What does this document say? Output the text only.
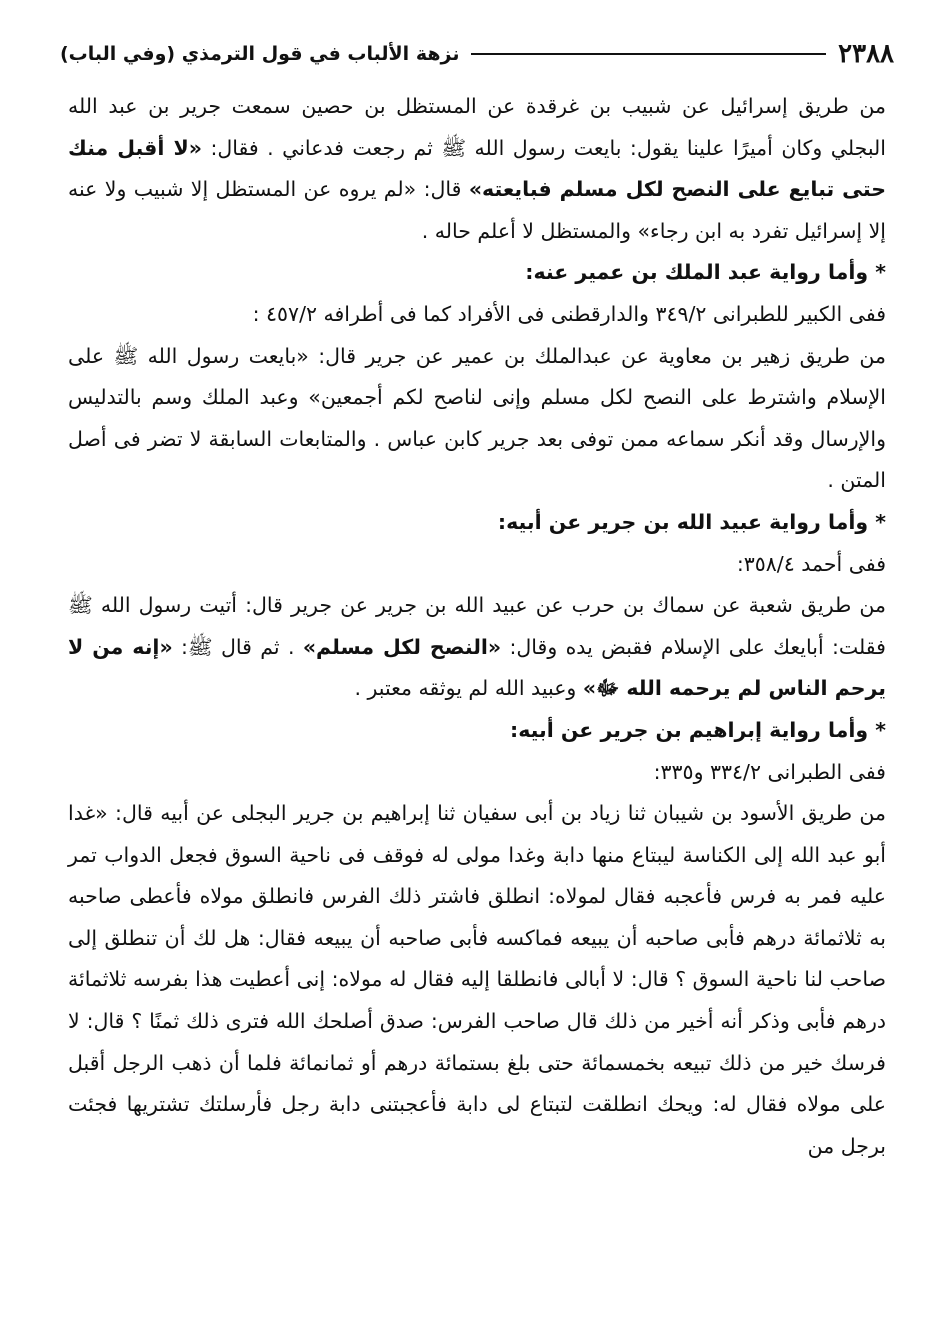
٢٣٨٨
نزهة الألباب في قول الترمذي (وفي الباب)

من طريق إسرائيل عن شبيب بن غرقدة عن المستظل بن حصين سمعت جرير بن عبد الله البجلي وكان أميرًا علينا يقول: بايعت رسول الله ﷺ ثم رجعت فدعاني . فقال: «لا أقبل منك حتى تبايع على النصح لكل مسلم فبايعته» قال: «لم يروه عن المستظل إلا شبيب ولا عنه إلا إسرائيل تفرد به ابن رجاء» والمستظل لا أعلم حاله .

* وأما رواية عبد الملك بن عمير عنه:

ففى الكبير للطبرانى ٣٤٩/٢ والدارقطنى فى الأفراد كما فى أطرافه ٤٥٧/٢ :

من طريق زهير بن معاوية عن عبدالملك بن عمير عن جرير قال: «بايعت رسول الله ﷺ على الإسلام واشترط على النصح لكل مسلم وإنى لناصح لكم أجمعين» وعبد الملك وسم بالتدليس والإرسال وقد أنكر سماعه ممن توفى بعد جرير كابن عباس . والمتابعات السابقة لا تضر فى أصل المتن .

* وأما رواية عبيد الله بن جرير عن أبيه:

ففى أحمد ٣٥٨/٤:

من طريق شعبة عن سماك بن حرب عن عبيد الله بن جرير عن جرير قال: أتيت رسول الله ﷺ فقلت: أبايعك على الإسلام فقبض يده وقال: «النصح لكل مسلم» . ثم قال ﷺ: «إنه من لا يرحم الناس لم يرحمه الله ﷻ» وعبيد الله لم يوثقه معتبر .

* وأما رواية إبراهيم بن جرير عن أبيه:

ففى الطبرانى ٣٣٤/٢ و٣٣٥:

من طريق الأسود بن شيبان ثنا زياد بن أبى سفيان ثنا إبراهيم بن جرير البجلى عن أبيه قال: «غدا أبو عبد الله إلى الكناسة ليبتاع منها دابة وغدا مولى له فوقف فى ناحية السوق فجعل الدواب تمر عليه فمر به فرس فأعجبه فقال لمولاه: انطلق فاشتر ذلك الفرس فانطلق مولاه فأعطى صاحبه به ثلاثمائة درهم فأبى صاحبه أن يبيعه فماكسه فأبى صاحبه أن يبيعه فقال: هل لك أن تنطلق إلى صاحب لنا ناحية السوق ؟ قال: لا أبالى فانطلقا إليه فقال له مولاه: إنى أعطيت هذا بفرسه ثلاثمائة درهم فأبى وذكر أنه أخير من ذلك قال صاحب الفرس: صدق أصلحك الله فترى ذلك ثمنًا ؟ قال: لا فرسك خير من ذلك تبيعه بخمسمائة حتى بلغ بستمائة درهم أو ثمانمائة فلما أن ذهب الرجل أقبل على مولاه فقال له: ويحك انطلقت لتبتاع لى دابة فأعجبتنى دابة رجل فأرسلتك تشتريها فجئت برجل من
